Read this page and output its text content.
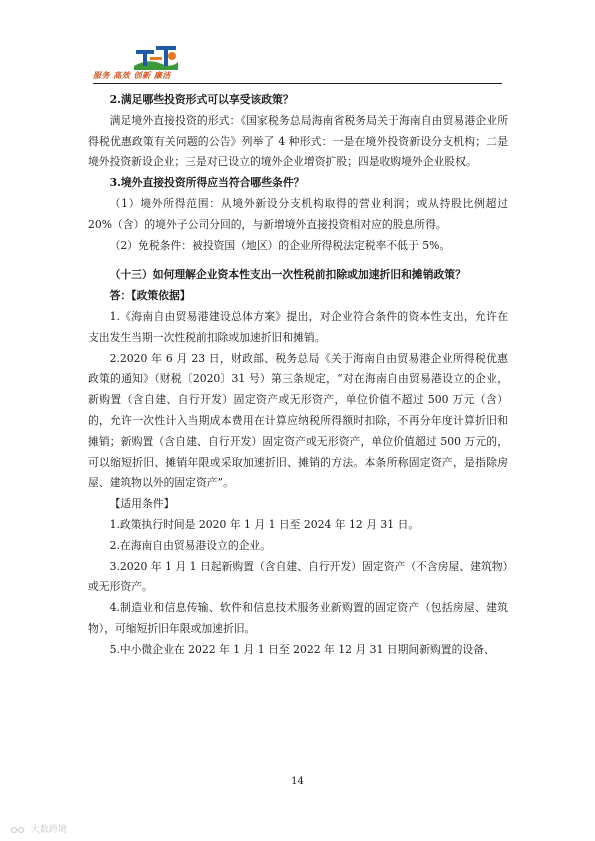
服务 高效 创新 廉洁

2.满足哪些投资形式可以享受该政策？

满足境外直接投资的形式：《国家税务总局海南省税务局关于海南自由贸易港企业所得税优惠政策有关问题的公告》列举了 4 种形式：一是在境外投资新设分支机构；二是境外投资新设企业；三是对已设立的境外企业增资扩股；四是收购境外企业股权。

3.境外直接投资所得应当符合哪些条件？

（1）境外所得范围：从境外新设分支机构取得的营业利润；或从持股比例超过 20%（含）的境外子公司分回的，与新增境外直接投资相对应的股息所得。

（2）免税条件：被投资国（地区）的企业所得税法定税率不低于 5%。

（十三）如何理解企业资本性支出一次性税前扣除或加速折旧和摊销政策？

答：【政策依据】

1.《海南自由贸易港建设总体方案》提出，对企业符合条件的资本性支出，允许在支出发生当期一次性税前扣除或加速折旧和摊销。

2.2020 年 6 月 23 日，财政部、税务总局《关于海南自由贸易港企业所得税优惠政策的通知》（财税〔2020〕31 号）第三条规定，“对在海南自由贸易港设立的企业，新购置（含自建、自行开发）固定资产或无形资产，单位价值不超过 500 万元（含）的，允许一次性计入当期成本费用在计算应纳税所得额时扣除，不再分年度计算折旧和摊销；新购置（含自建、自行开发）固定资产或无形资产，单位价值超过 500 万元的，可以缩短折旧、摊销年限或采取加速折旧、摊销的方法。本条所称固定资产，是指除房屋、建筑物以外的固定资产”。

【适用条件】

1.政策执行时间是 2020 年 1 月 1 日至 2024 年 12 月 31 日。

2.在海南自由贸易港设立的企业。

3.2020 年 1 月 1 日起新购置（含自建、自行开发）固定资产（不含房屋、建筑物）或无形资产。

4.制造业和信息传输、软件和信息技术服务业新购置的固定资产（包括房屋、建筑物），可缩短折旧年限或加速折旧。

5.中小微企业在 2022 年 1 月 1 日至 2022 年 12 月 31 日期间新购置的设备、

14
大数跨境
